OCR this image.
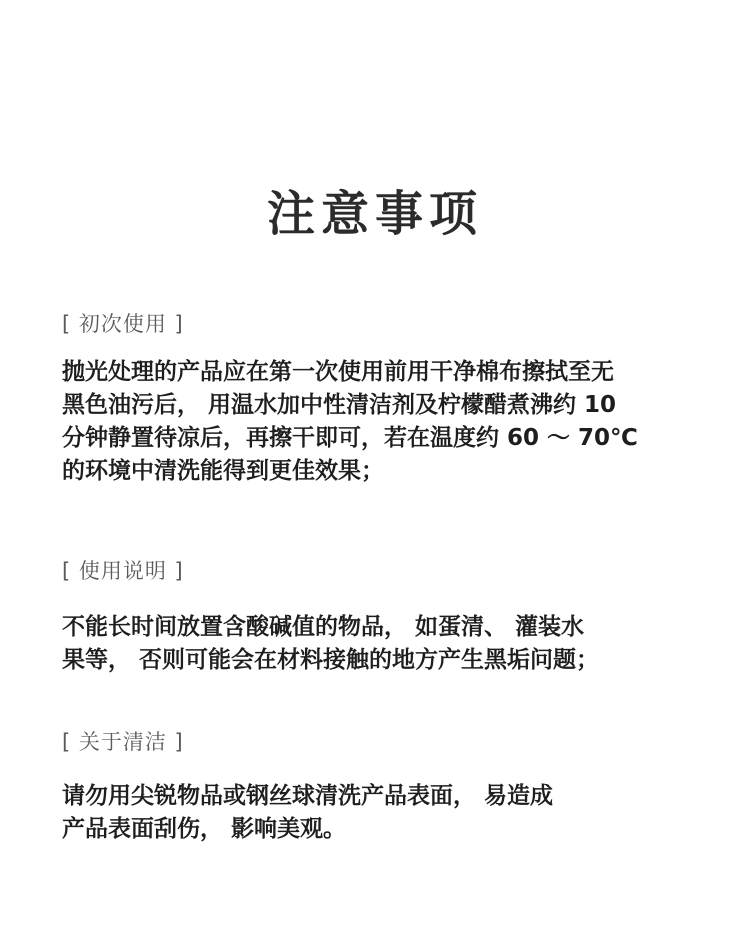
注意事项
[ 初次使用 ]
抛光处理的产品应在第一次使用前用干净棉布擦拭至无
黑色油污后， 用温水加中性清洁剂及柠檬醋煮沸约 10
分钟静置待凉后，再擦干即可，若在温度约 60 ～ 70℃
的环境中清洗能得到更佳效果；
[ 使用说明 ]
不能长时间放置含酸碱值的物品， 如蛋清、 灌装水
果等， 否则可能会在材料接触的地方产生黑垢问题；
[ 关于清洁 ]
请勿用尖锐物品或钢丝球清洗产品表面， 易造成
产品表面刮伤， 影响美观。
